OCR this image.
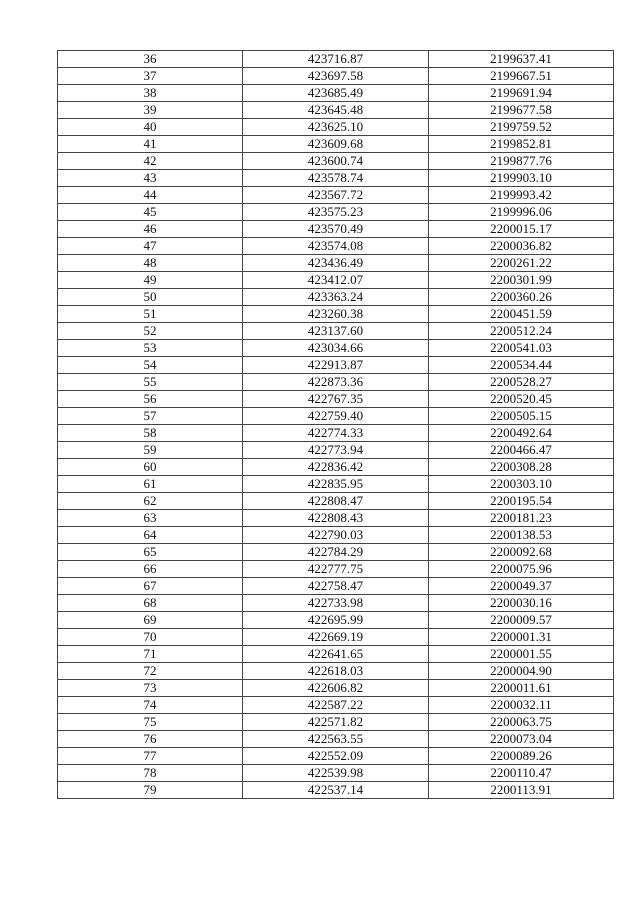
36	423716.87	2199637.41
37	423697.58	2199667.51
38	423685.49	2199691.94
39	423645.48	2199677.58
40	423625.10	2199759.52
41	423609.68	2199852.81
42	423600.74	2199877.76
43	423578.74	2199903.10
44	423567.72	2199993.42
45	423575.23	2199996.06
46	423570.49	2200015.17
47	423574.08	2200036.82
48	423436.49	2200261.22
49	423412.07	2200301.99
50	423363.24	2200360.26
51	423260.38	2200451.59
52	423137.60	2200512.24
53	423034.66	2200541.03
54	422913.87	2200534.44
55	422873.36	2200528.27
56	422767.35	2200520.45
57	422759.40	2200505.15
58	422774.33	2200492.64
59	422773.94	2200466.47
60	422836.42	2200308.28
61	422835.95	2200303.10
62	422808.47	2200195.54
63	422808.43	2200181.23
64	422790.03	2200138.53
65	422784.29	2200092.68
66	422777.75	2200075.96
67	422758.47	2200049.37
68	422733.98	2200030.16
69	422695.99	2200009.57
70	422669.19	2200001.31
71	422641.65	2200001.55
72	422618.03	2200004.90
73	422606.82	2200011.61
74	422587.22	2200032.11
75	422571.82	2200063.75
76	422563.55	2200073.04
77	422552.09	2200089.26
78	422539.98	2200110.47
79	422537.14	2200113.91
